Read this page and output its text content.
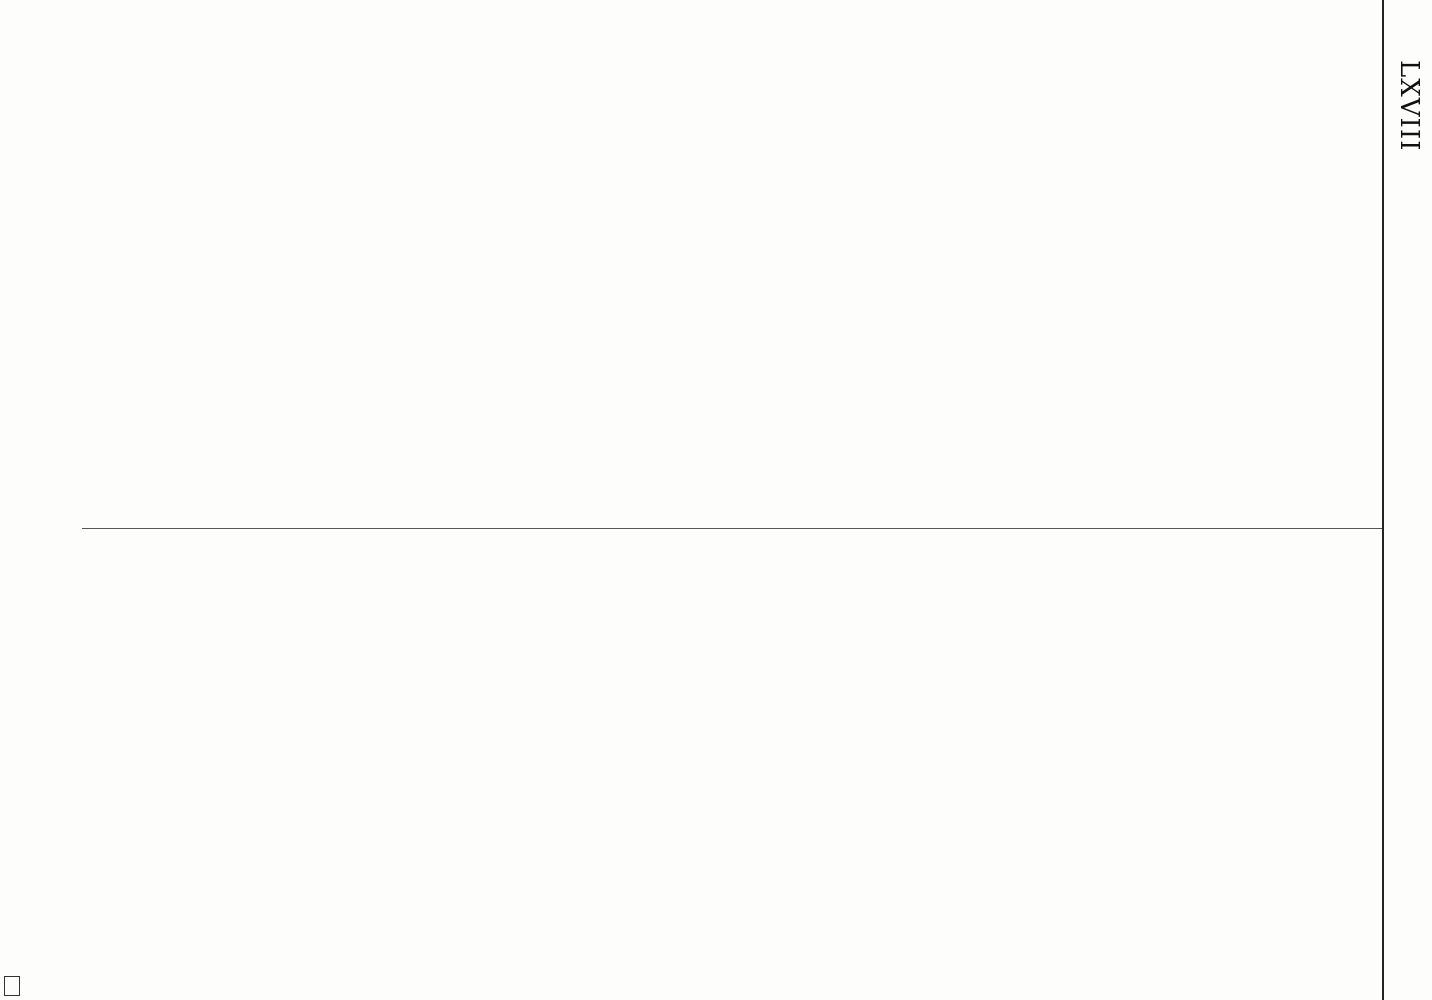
LXVIII
